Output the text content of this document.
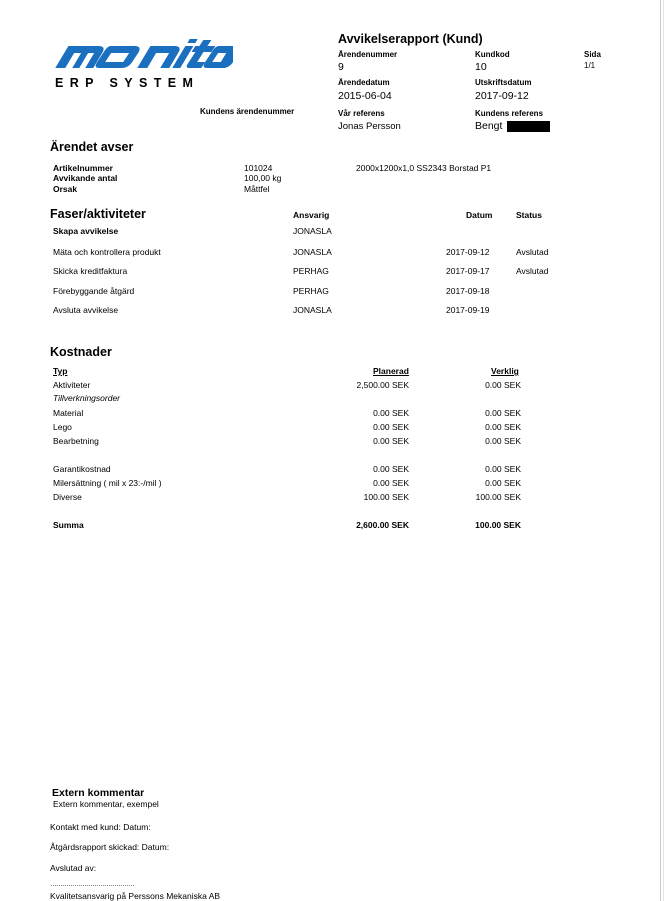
ERP SYSTEM
Avvikelserapport (Kund)
Ärendenummer
9
Kundkod
10
Sida
1/1
Ärendedatum
2015-06-04
Utskriftsdatum
2017-09-12
Kundens ärendenummer	Vår referens
Jonas Persson
Kundens referens
Bengt
Ärendet avser
Artikelnummer	101024	2000x1200x1,0 SS2343 Borstad P1
Avvikande antal	100,00 kg
Orsak	Måttfel
Faser/aktiviteter	Ansvarig	Datum	Status
Skapa avvikelse	JONASLA
Mäta och kontrollera produkt	JONASLA	2017-09-12	Avslutad
Skicka kreditfaktura	PERHAG	2017-09-17	Avslutad
Förebyggande åtgärd	PERHAG	2017-09-18
Avsluta avvikelse	JONASLA	2017-09-19
Kostnader
Typ	Planerad	Verklig
Aktiviteter	2,500.00 SEK	0.00 SEK
Tillverkningsorder
Material	0.00 SEK	0.00 SEK
Lego	0.00 SEK	0.00 SEK
Bearbetning	0.00 SEK	0.00 SEK
Garantikostnad	0.00 SEK	0.00 SEK
Milersättning ( mil x 23:-/mil )	0.00 SEK	0.00 SEK
Diverse	100.00 SEK	100.00 SEK
Summa	2,600.00 SEK	100.00 SEK
Extern kommentar
Extern kommentar, exempel
Kontakt med kund: Datum:
Åtgärdsrapport skickad: Datum:
Avslutad av:
……………………………………
Kvalitetsansvarig på Perssons Mekaniska AB
